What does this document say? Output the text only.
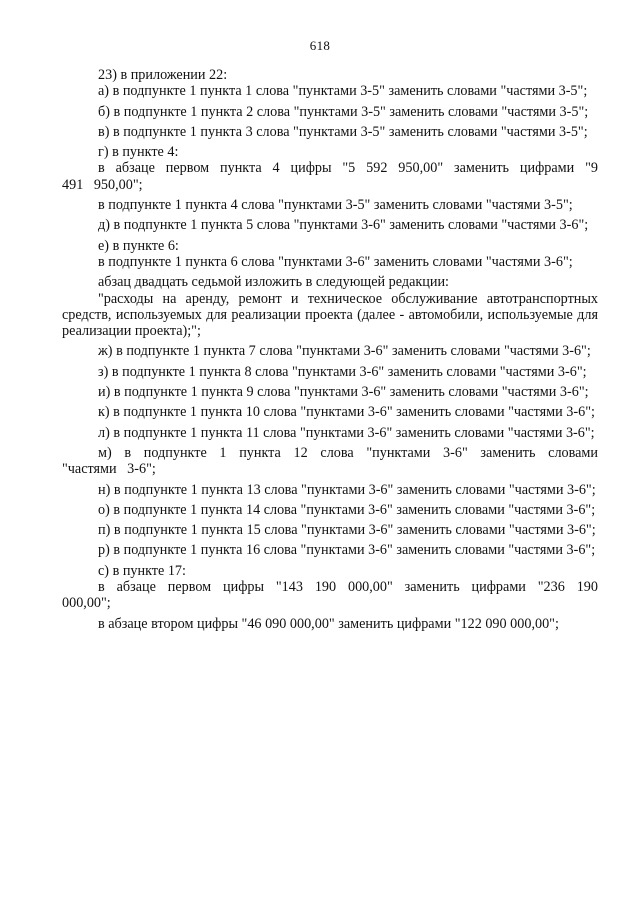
618

23) в приложении 22:

а) в подпункте 1 пункта 1 слова "пунктами 3-5" заменить словами "частями 3-5";

б) в подпункте 1 пункта 2 слова "пунктами 3-5" заменить словами "частями 3-5";

в) в подпункте 1 пункта 3 слова "пунктами 3-5" заменить словами "частями 3-5";

г) в пункте 4:

в абзаце первом пункта 4 цифры "5 592 950,00" заменить цифрами "9 491 950,00";

в подпункте 1 пункта 4 слова "пунктами 3-5" заменить словами "частями 3-5";

д) в подпункте 1 пункта 5 слова "пунктами 3-6" заменить словами "частями 3-6";

е) в пункте 6:

в подпункте 1 пункта 6 слова "пунктами 3-6" заменить словами "частями 3-6";

абзац двадцать седьмой изложить в следующей редакции:

"расходы на аренду, ремонт и техническое обслуживание автотранспортных средств, используемых для реализации проекта (далее - автомобили, используемые для реализации проекта);";

ж) в подпункте 1 пункта 7 слова "пунктами 3-6" заменить словами "частями 3-6";

з) в подпункте 1 пункта 8 слова "пунктами 3-6" заменить словами "частями 3-6";

и) в подпункте 1 пункта 9 слова "пунктами 3-6" заменить словами "частями 3-6";

к) в подпункте 1 пункта 10 слова "пунктами 3-6" заменить словами "частями 3-6";

л) в подпункте 1 пункта 11 слова "пунктами 3-6" заменить словами "частями 3-6";

м) в подпункте 1 пункта 12 слова "пунктами 3-6" заменить словами "частями 3-6";

н) в подпункте 1 пункта 13 слова "пунктами 3-6" заменить словами "частями 3-6";

о) в подпункте 1 пункта 14 слова "пунктами 3-6" заменить словами "частями 3-6";

п) в подпункте 1 пункта 15 слова "пунктами 3-6" заменить словами "частями 3-6";

р) в подпункте 1 пункта 16 слова "пунктами 3-6" заменить словами "частями 3-6";

с) в пункте 17:

в абзаце первом цифры "143 190 000,00" заменить цифрами "236 190 000,00";

в абзаце втором цифры "46 090 000,00" заменить цифрами "122 090 000,00";
